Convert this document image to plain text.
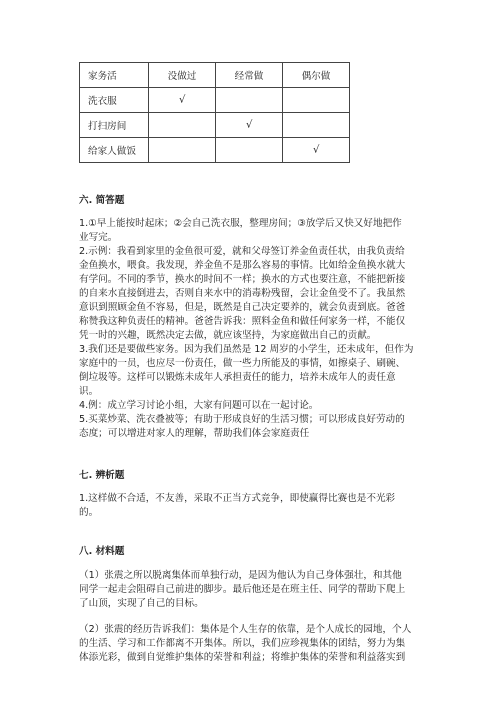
家务活	没做过	经常做	偶尔做
洗衣服	√		

打扫房间		√	

给家人做饭			√
六. 简答题
1.①早上能按时起床；②会自己洗衣服，整理房间；③放学后又快又好地把作
业写完。
2.示例：我看到家里的金鱼很可爱，就和父母签订养金鱼责任状，由我负责给
金鱼换水，喂食。我发现，养金鱼不是那么容易的事情。比如给金鱼换水就大
有学问。不同的季节，换水的时间不一样；换水的方式也要注意，不能把新接
的自来水直接倒进去，否则自来水中的消毒粉残留，会让金鱼受不了。我虽然
意识到照顾金鱼不容易，但是，既然是自己决定要养的，就会负责到底。爸爸
称赞我这种负责任的精神。爸爸告诉我：照料金鱼和做任何家务一样，不能仅
凭一时的兴趣，既然决定去做，就应该坚持，为家庭做出自己的贡献。
3.我们还是要做些家务。因为我们虽然是 12 周岁的小学生，还未成年，但作为
家庭中的一员，也应尽一份责任，做一些力所能及的事情，如擦桌子、刷碗、
倒垃圾等。这样可以锻炼未成年人承担责任的能力，培养未成年人的责任意
识。
4.例：成立学习讨论小组，大家有问题可以在一起讨论。
5.买菜炒菜、洗衣叠被等；有助于形成良好的生活习惯；可以形成良好劳动的
态度；可以增进对家人的理解，帮助我们体会家庭责任
七. 辨析题
1.这样做不合适，不友善，采取不正当方式竞争，即使赢得比赛也是不光彩
的。
八. 材料题
（1）张震之所以脱离集体而单独行动，是因为他认为自己身体强壮，和其他
同学一起走会阻碍自己前进的脚步。最后他还是在班主任、同学的帮助下爬上
了山顶，实现了自己的目标。
（2）张震的经历告诉我们：集体是个人生存的依靠，是个人成长的园地，个人
的生活、学习和工作都离不开集体。所以，我们应珍视集体的团结，努力为集
体添光彩，做到自觉维护集体的荣誉和利益；将维护集体的荣誉和利益落实到
